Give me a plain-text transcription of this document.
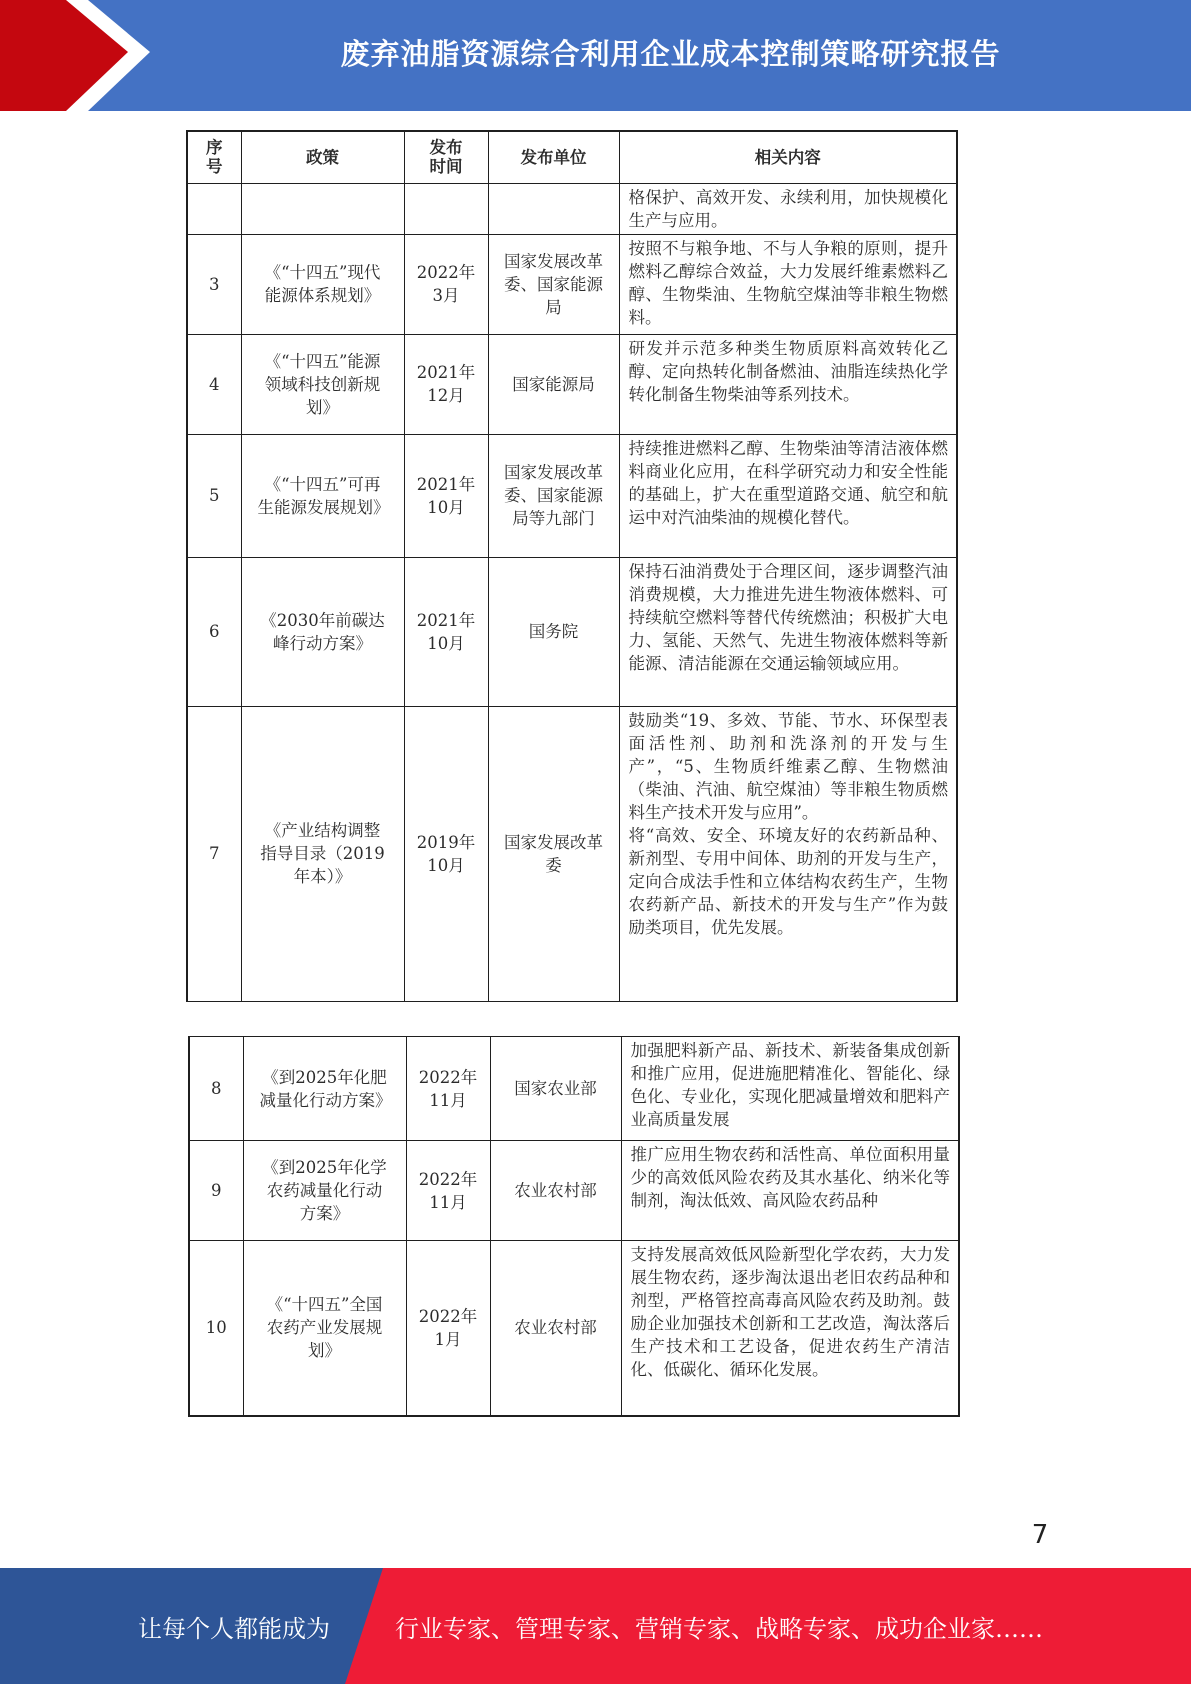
废弃油脂资源综合利用企业成本控制策略研究报告
序号	政策	发布时间	发布单位	相关内容
				格保护、高效开发、永续利用，加快规模化生产与应用。
3	《“十四五”现代能源体系规划》	2022年3月	国家发展改革委、国家能源局	按照不与粮争地、不与人争粮的原则，提升燃料乙醇综合效益，大力发展纤维素燃料乙醇、生物柴油、生物航空煤油等非粮生物燃料。
4	《“十四五”能源领域科技创新规划》	2021年12月	国家能源局	研发并示范多种类生物质原料高效转化乙醇、定向热转化制备燃油、油脂连续热化学转化制备生物柴油等系列技术。
5	《“十四五”可再生能源发展规划》	2021年10月	国家发展改革委、国家能源局等九部门	持续推进燃料乙醇、生物柴油等清洁液体燃料商业化应用，在科学研究动力和安全性能的基础上，扩大在重型道路交通、航空和航运中对汽油柴油的规模化替代。
6	《2030年前碳达峰行动方案》	2021年10月	国务院	保持石油消费处于合理区间，逐步调整汽油消费规模，大力推进先进生物液体燃料、可持续航空燃料等替代传统燃油；积极扩大电力、氢能、天然气、先进生物液体燃料等新能源、清洁能源在交通运输领域应用。
7	《产业结构调整指导目录（2019年本）》	2019年10月	国家发展改革委	鼓励类“19、多效、节能、节水、环保型表面活性剂、助剂和洗涤剂的开发与生产”，“5、生物质纤维素乙醇、生物燃油（柴油、汽油、航空煤油）等非粮生物质燃料生产技术开发与应用”。
将“高效、安全、环境友好的农药新品种、新剂型、专用中间体、助剂的开发与生产，定向合成法手性和立体结构农药生产，生物农药新产品、新技术的开发与生产”作为鼓励类项目，优先发展。
8	《到2025年化肥减量化行动方案》	2022年11月	国家农业部	加强肥料新产品、新技术、新装备集成创新和推广应用，促进施肥精准化、智能化、绿色化、专业化，实现化肥减量增效和肥料产业高质量发展
9	《到2025年化学农药减量化行动方案》	2022年11月	农业农村部	推广应用生物农药和活性高、单位面积用量少的高效低风险农药及其水基化、纳米化等制剂，淘汰低效、高风险农药品种
10	《“十四五”全国农药产业发展规划》	2022年1月	农业农村部	支持发展高效低风险新型化学农药，大力发展生物农药，逐步淘汰退出老旧农药品种和剂型，严格管控高毒高风险农药及助剂。鼓励企业加强技术创新和工艺改造，淘汰落后生产技术和工艺设备，促进农药生产清洁化、低碳化、循环化发展。
7
让每个人都能成为	行业专家、管理专家、营销专家、战略专家、成功企业家……
